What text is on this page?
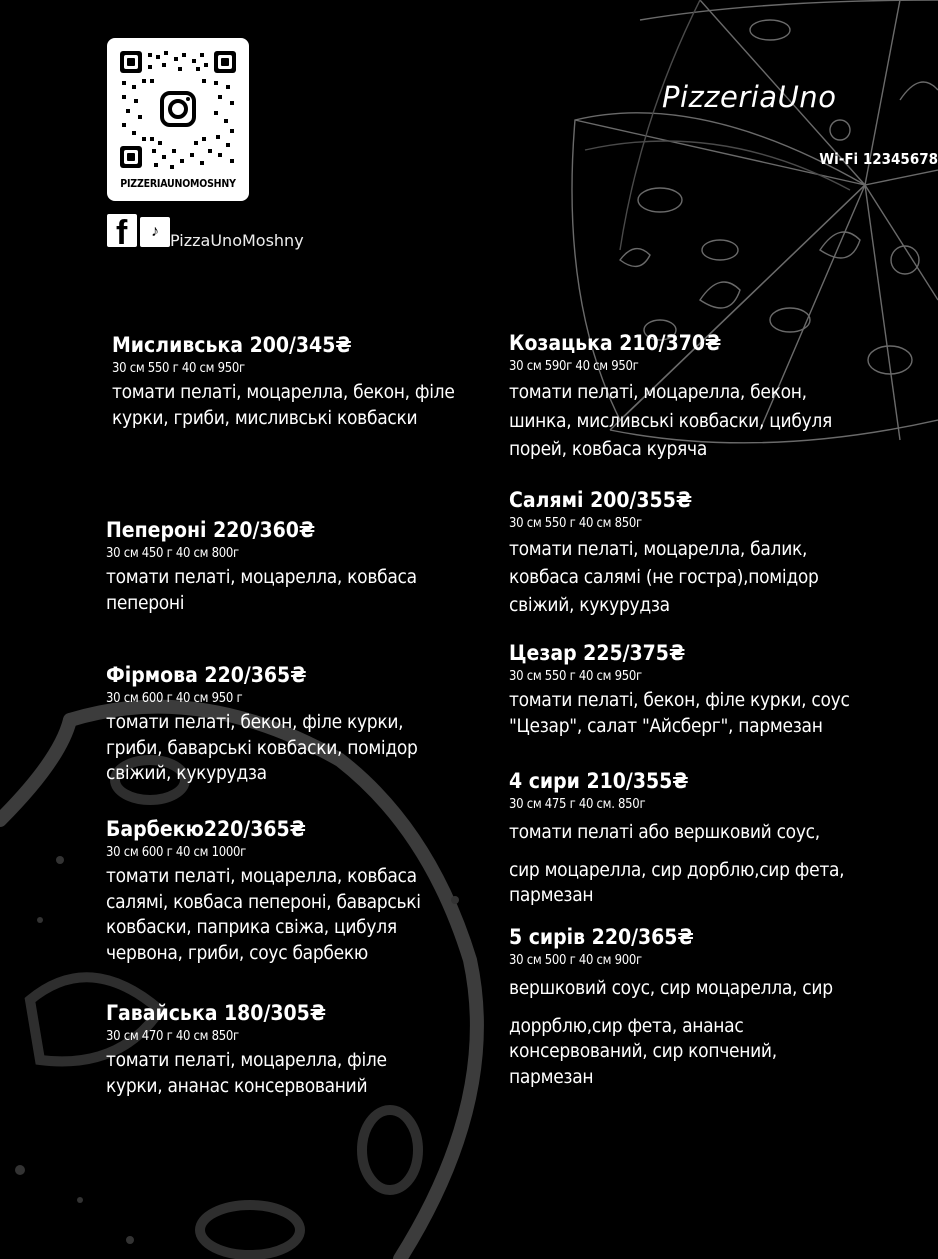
PIZZERIAUNOMOSHNY
f	♪ PizzaUnoMoshny
PizzeriaUno
Wi-Fi 12345678
Мисливська 200/345₴
30 см 550 г 40 см 950г

томати пелаті, моцарелла, бекон, філе курки, гриби, мисливські ковбаски

Пепероні 220/360₴
30 см 450 г 40 см 800г

томати пелаті, моцарелла, ковбаса пепероні

Фірмова 220/365₴
30 см 600 г 40 см 950 г

томати пелаті, бекон, філе курки, гриби, баварські ковбаски, помідор свіжий, кукурудза

Барбекю220/365₴
30 см 600 г 40 см 1000г

томати пелаті, моцарелла, ковбаса салямі, ковбаса пепероні, баварські ковбаски, паприка свіжа, цибуля червона, гриби, соус барбекю

Гавайська 180/305₴
30 см 470 г 40 см 850г

томати пелаті, моцарелла, філе курки, ананас консервований

Козацька 210/370₴
30 см 590г 40 см 950г

томати пелаті, моцарелла, бекон, шинка, мисливські ковбаски, цибуля порей, ковбаса куряча

Салямі 200/355₴
30 см 550 г 40 см 850г

томати пелаті, моцарелла, балик, ковбаса салямі (не гостра),помідор свіжий, кукурудза

Цезар 225/375₴
30 см 550 г 40 см 950г

томати пелаті, бекон, філе курки, соус "Цезар", салат "Айсберг", пармезан

4 сири 210/355₴
30 см 475 г 40 см. 850г

томати пелаті або вершковий соус,

сир моцарелла, сир дорблю,сир фета, пармезан

5 сирів 220/365₴
30 см 500 г 40 см 900г

вершковий соус, сир моцарелла, сир

доррблю,сир фета, ананас консервований, сир копчений, пармезан
